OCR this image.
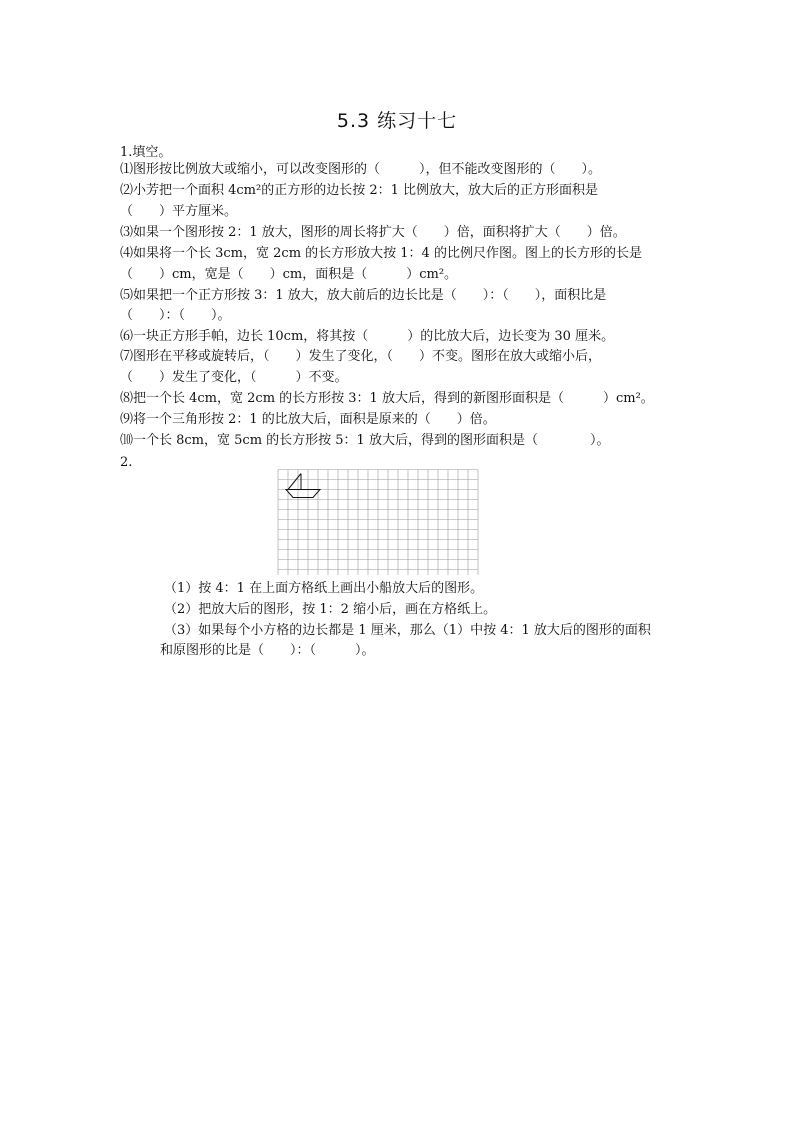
5.3 练习十七
1.填空。
⑴图形按比例放大或缩小，可以改变图形的（　　　），但不能改变图形的（　　）。
⑵小芳把一个面积 4cm²的正方形的边长按 2：1 比例放大，放大后的正方形面积是
（　　）平方厘米。
⑶如果一个图形按 2：1 放大，图形的周长将扩大（　　）倍，面积将扩大（　　）倍。
⑷如果将一个长 3cm，宽 2cm 的长方形放大按 1：4 的比例尺作图。图上的长方形的长是
（　　）cm，宽是（　　）cm，面积是（　　　）cm²。
⑸如果把一个正方形按 3：1 放大，放大前后的边长比是（　　）：（　　），面积比是
（　　）：（　　）。
⑹一块正方形手帕，边长 10cm，将其按（　　　）的比放大后，边长变为 30 厘米。
⑺图形在平移或旋转后，（　　）发生了变化，（　　）不变。图形在放大或缩小后，
（　　）发生了变化，（　　　）不变。
⑻把一个长 4cm，宽 2cm 的长方形按 3：1 放大后，得到的新图形面积是（　　　）cm²。
⑼将一个三角形按 2：1 的比放大后，面积是原来的（　　）倍。
⑽一个长 8cm，宽 5cm 的长方形按 5：1 放大后，得到的图形面积是（　　　　）。
2.
（1）按 4：1 在上面方格纸上画出小船放大后的图形。
（2）把放大后的图形，按 1：2 缩小后，画在方格纸上。
（3）如果每个小方格的边长都是 1 厘米，那么（1）中按 4：1 放大后的图形的面积
和原图形的比是（　　）：（　　　）。
